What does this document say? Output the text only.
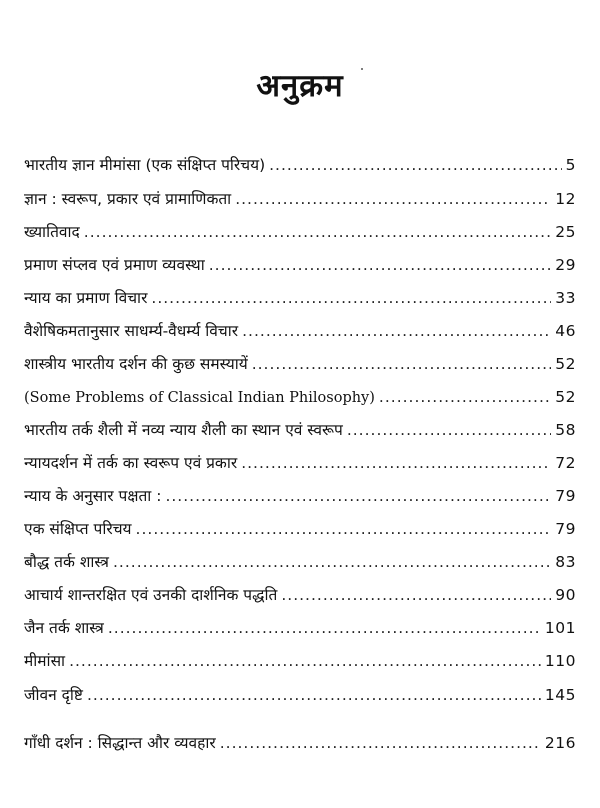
अनुक्रम
भारतीय ज्ञान मीमांसा (एक संक्षिप्त परिचय) .....	5
ज्ञान : स्वरूप, प्रकार एवं प्रामाणिकता .....	12
ख्यातिवाद .....	25
प्रमाण संप्लव एवं प्रमाण व्यवस्था .....	29
न्याय का प्रमाण विचार .....	33
वैशेषिकमतानुसार साधर्म्य-वैधर्म्य विचार .....	46
शास्त्रीय भारतीय दर्शन की कुछ समस्यायें .....	52
(Some Problems of Classical Indian Philosophy) .....	52
भारतीय तर्क शैली में नव्य न्याय शैली का स्थान एवं स्वरूप .....	58
न्यायदर्शन में तर्क का स्वरूप एवं प्रकार .....	72
न्याय के अनुसार पक्षता : .....	79
एक संक्षिप्त परिचय .....	79
बौद्ध तर्क शास्त्र .....	83
आचार्य शान्तरक्षित एवं उनकी दार्शनिक पद्धति .....	90
जैन तर्क शास्त्र .....	101
मीमांसा .....	110
जीवन दृष्टि .....	145
गाँधी दर्शन : सिद्धान्त और व्यवहार .....	216
